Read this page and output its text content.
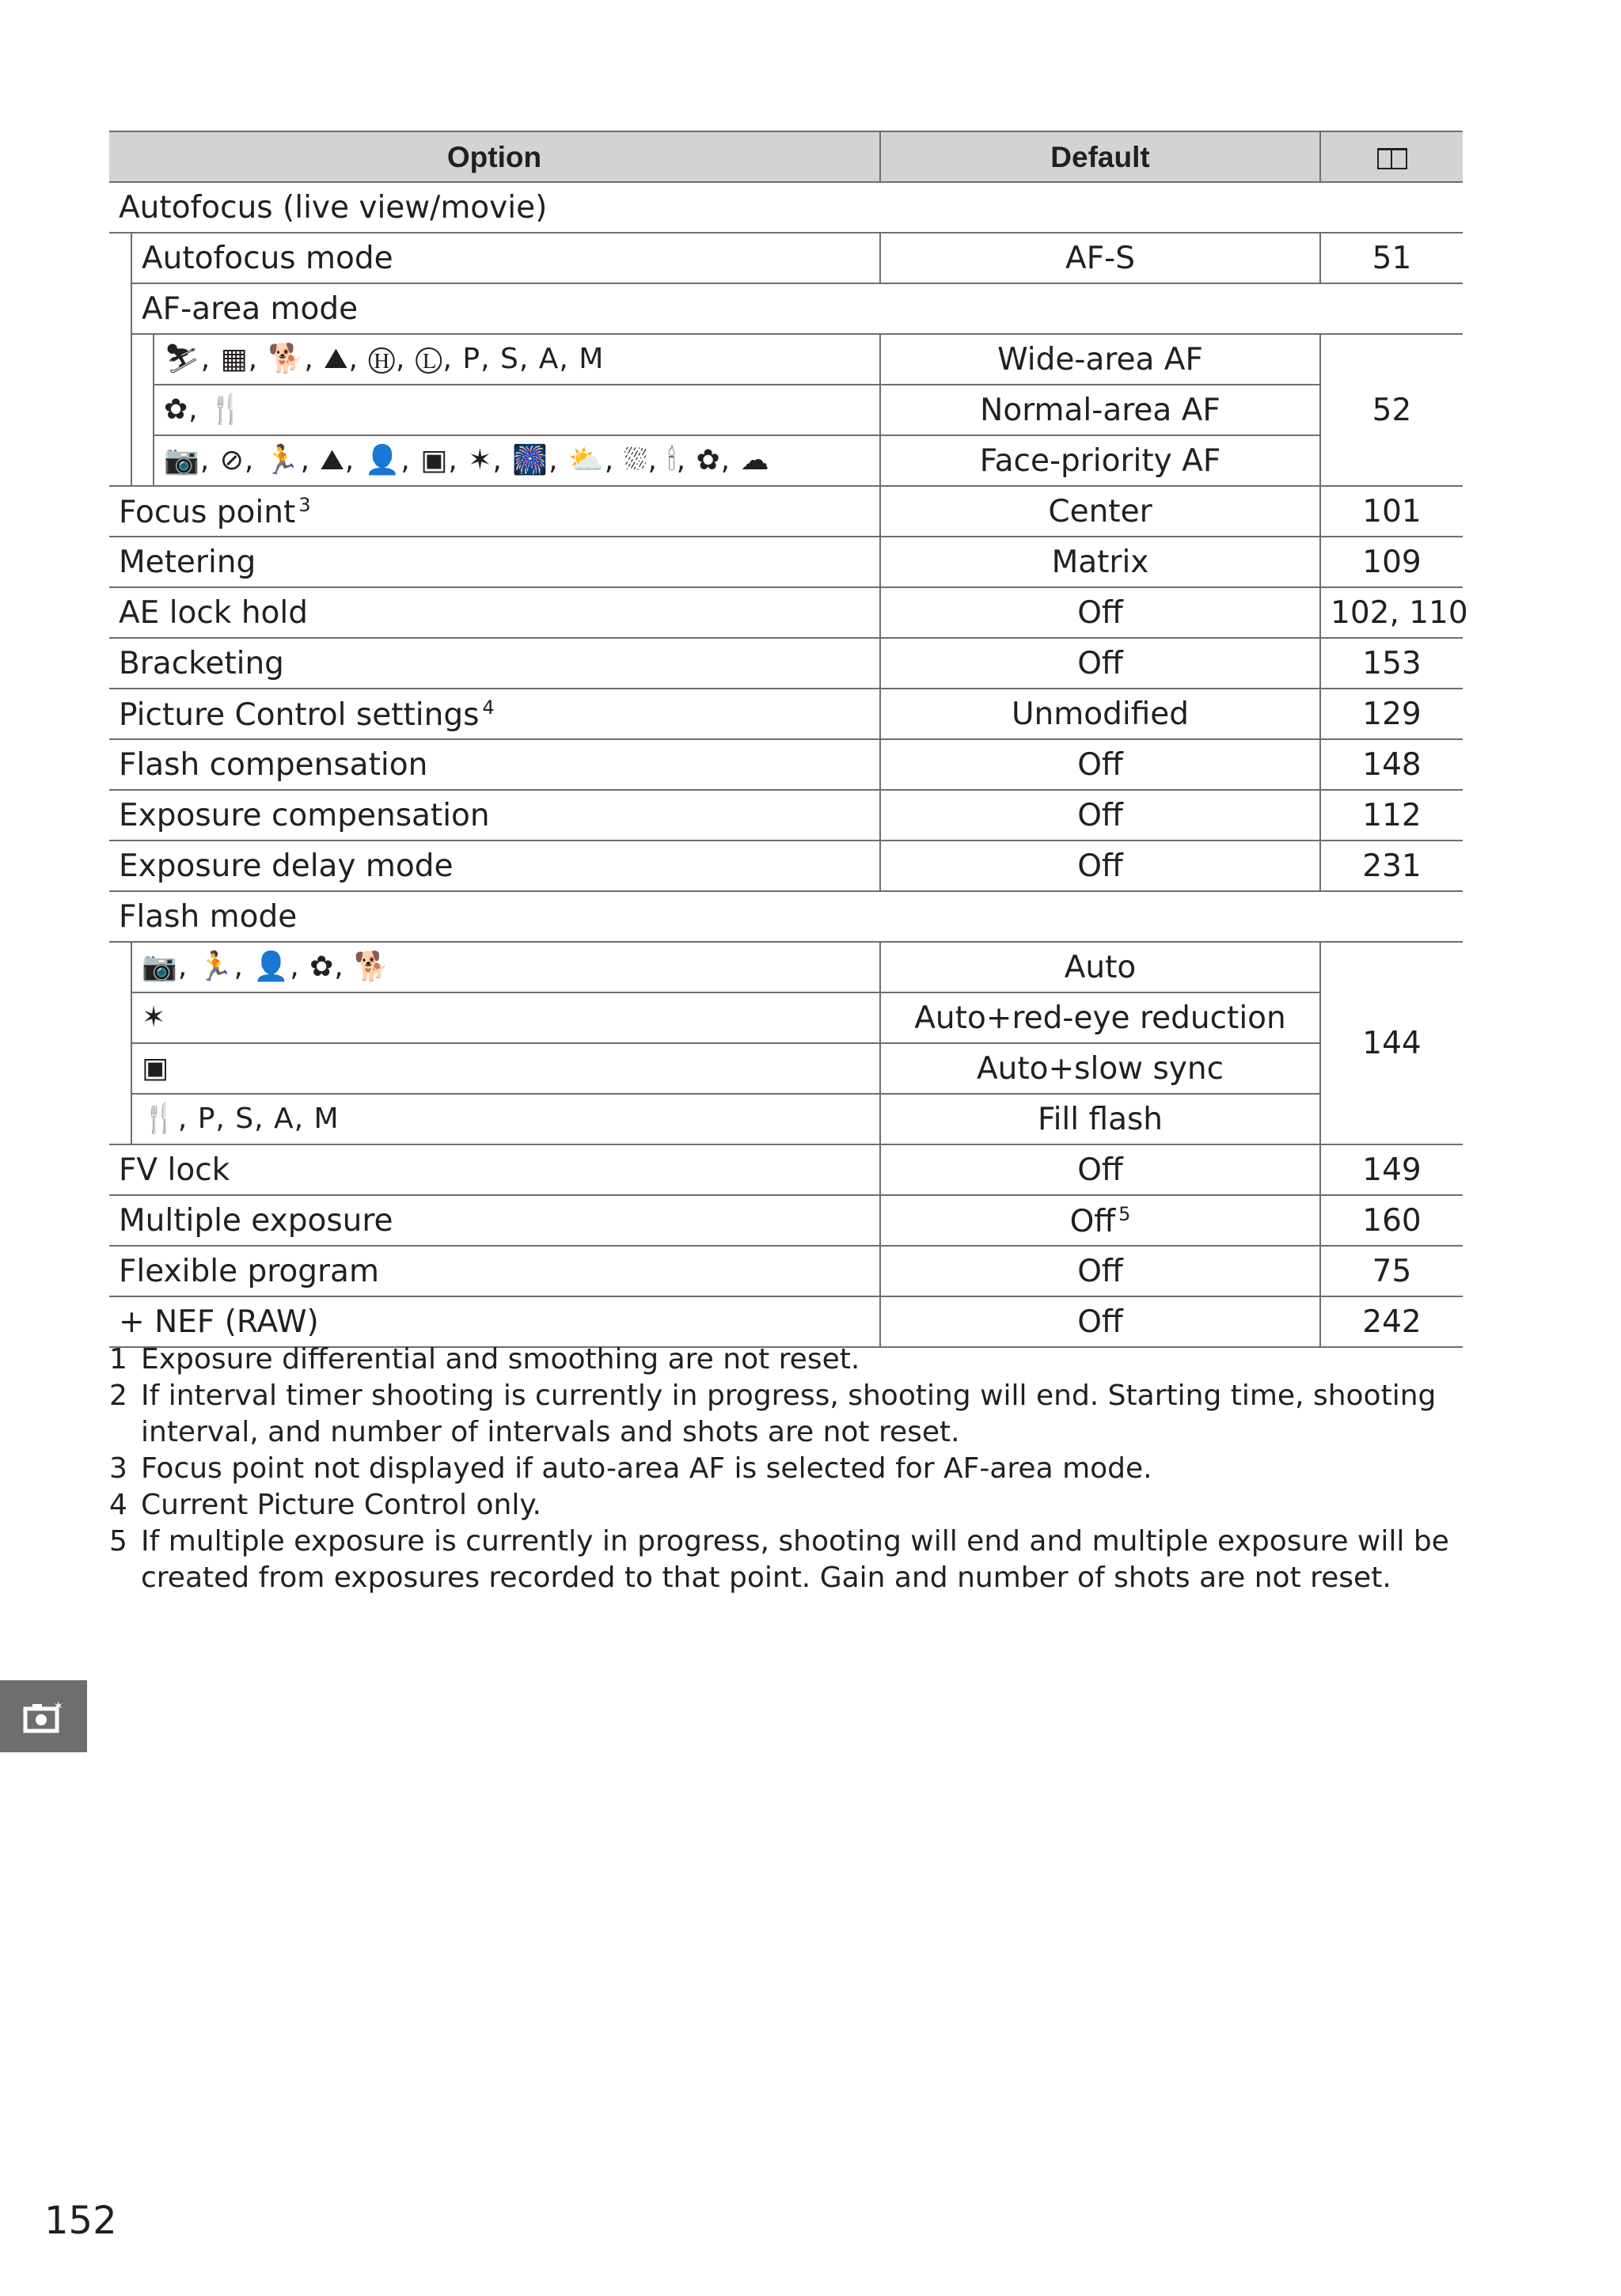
Option			Default	
Autofocus (live view/movie)				
	Autofocus mode		AF-S	51
	AF-area mode			
		⛷, ▦, 🐕, ⛰, Ⓗ, Ⓛ, P, S, A, M	Wide-area AF	52
		✿, 🍴	Normal-area AF	
		📷, ⊘, 🏃, ⛰, 👤, ▣, ✶, 🎆, ⛅, ⛆, 🕯, ✿, ☁	Face-priority AF	
Focus point $^3$			Center	101
Metering			Matrix	109
AE lock hold			Off	102, 110
Bracketing			Off	153
Picture Control settings $^4$			Unmodified	129
Flash compensation			Off	148
Exposure compensation			Off	112
Exposure delay mode			Off	231
Flash mode				
	📷, 🏃, 👤, ✿, 🐕		Auto	144
	✶		Auto+red-eye reduction	
	▣		Auto+slow sync	
	🍴, P, S, A, M		Fill flash	
FV lock			Off	149
Multiple exposure			Off $^5$	160
Flexible program			Off	75
+ NEF (RAW)			Off	242
1 Exposure differential and smoothing are not reset.
2 If interval timer shooting is currently in progress, shooting will end. Starting time, shooting interval, and number of intervals and shots are not reset.
3 Focus point not displayed if auto-area AF is selected for AF-area mode.
4 Current Picture Control only.
5 If multiple exposure is currently in progress, shooting will end and multiple exposure will be created from exposures recorded to that point. Gain and number of shots are not reset.
✶
152
